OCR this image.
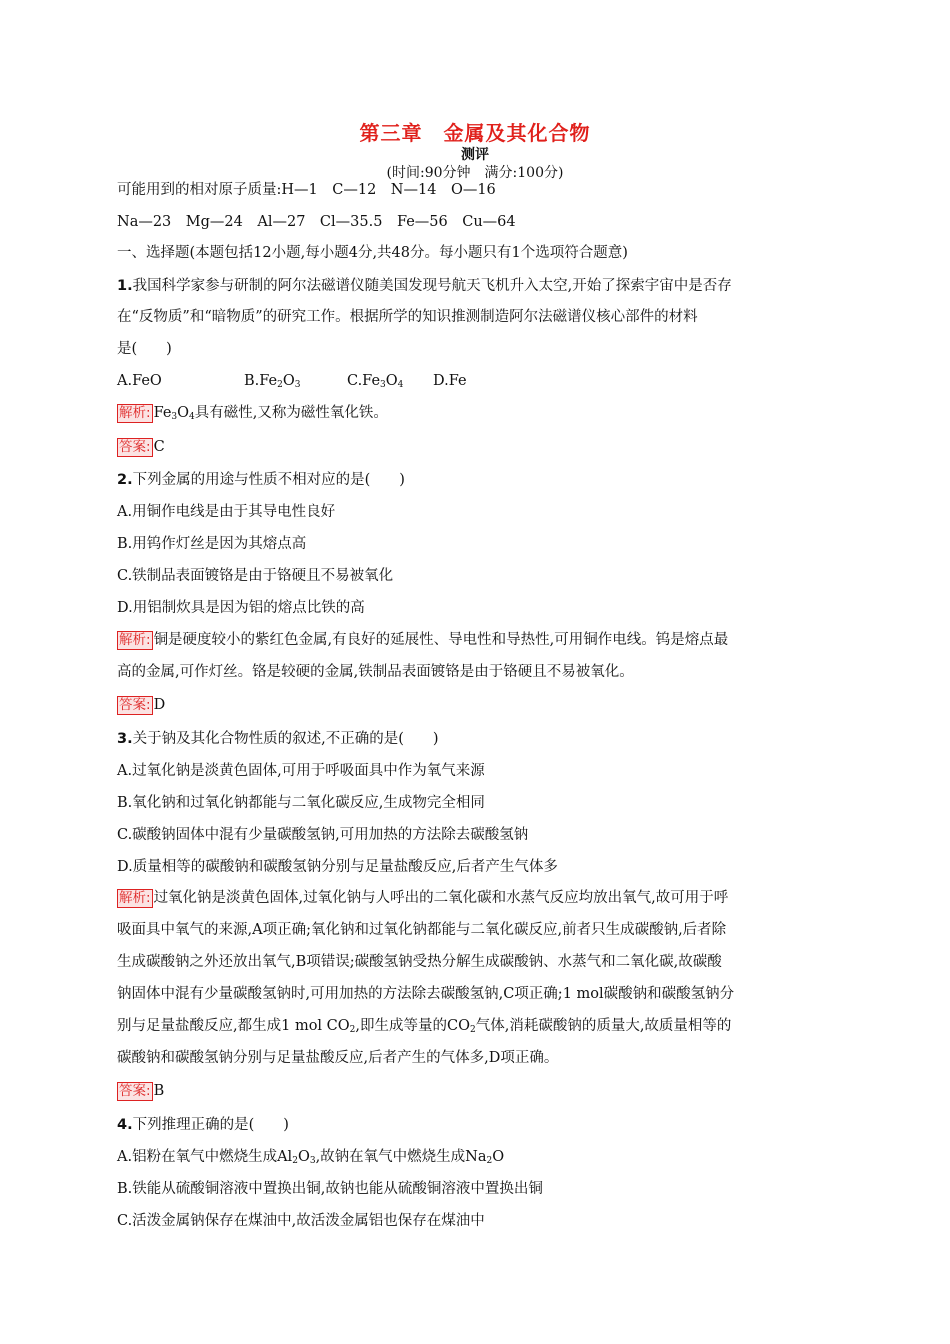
第三章　金属及其化合物
测评
(时间:90分钟　满分:100分)
可能用到的相对原子质量:H—1　C—12　N—14　O—16
Na—23　Mg—24　Al—27　Cl—35.5　Fe—56　Cu—64
一、选择题(本题包括12小题,每小题4分,共48分。每小题只有1个选项符合题意)
1.我国科学家参与研制的阿尔法磁谱仪随美国发现号航天飞机升入太空,开始了探索宇宙中是否存
在“反物质”和“暗物质”的研究工作。根据所学的知识推测制造阿尔法磁谱仪核心部件的材料
是(　　)
A.FeO	$B.Fe_2O_3$	$C.Fe_3O_4$ D.Fe
解析: $Fe_3O_4$具有磁性,又称为磁性氧化铁。
答案: C
2.下列金属的用途与性质不相对应的是(　　)
A.用铜作电线是由于其导电性良好
B.用钨作灯丝是因为其熔点高
C.铁制品表面镀铬是由于铬硬且不易被氧化
D.用铝制炊具是因为铝的熔点比铁的高
解析: 铜是硬度较小的紫红色金属,有良好的延展性、导电性和导热性,可用铜作电线。钨是熔点最
高的金属,可作灯丝。铬是较硬的金属,铁制品表面镀铬是由于铬硬且不易被氧化。
答案: D
3.关于钠及其化合物性质的叙述,不正确的是(　　)
A.过氧化钠是淡黄色固体,可用于呼吸面具中作为氧气来源
B.氧化钠和过氧化钠都能与二氧化碳反应,生成物完全相同
C.碳酸钠固体中混有少量碳酸氢钠,可用加热的方法除去碳酸氢钠
D.质量相等的碳酸钠和碳酸氢钠分别与足量盐酸反应,后者产生气体多
解析: 过氧化钠是淡黄色固体,过氧化钠与人呼出的二氧化碳和水蒸气反应均放出氧气,故可用于呼
吸面具中氧气的来源,A项正确;氧化钠和过氧化钠都能与二氧化碳反应,前者只生成碳酸钠,后者除
生成碳酸钠之外还放出氧气,B项错误;碳酸氢钠受热分解生成碳酸钠、水蒸气和二氧化碳,故碳酸
钠固体中混有少量碳酸氢钠时,可用加热的方法除去碳酸氢钠,C项正确;1 mol碳酸钠和碳酸氢钠分
别与足量盐酸反应,都生成1 mol $CO_2$,即生成等量的$CO_2$气体,消耗碳酸钠的质量大,故质量相等的
碳酸钠和碳酸氢钠分别与足量盐酸反应,后者产生的气体多,D项正确。
答案: B
4.下列推理正确的是(　　)
A.铝粉在氧气中燃烧生成$Al_2O_3$,故钠在氧气中燃烧生成$Na_2O$
B.铁能从硫酸铜溶液中置换出铜,故钠也能从硫酸铜溶液中置换出铜
C.活泼金属钠保存在煤油中,故活泼金属铝也保存在煤油中
